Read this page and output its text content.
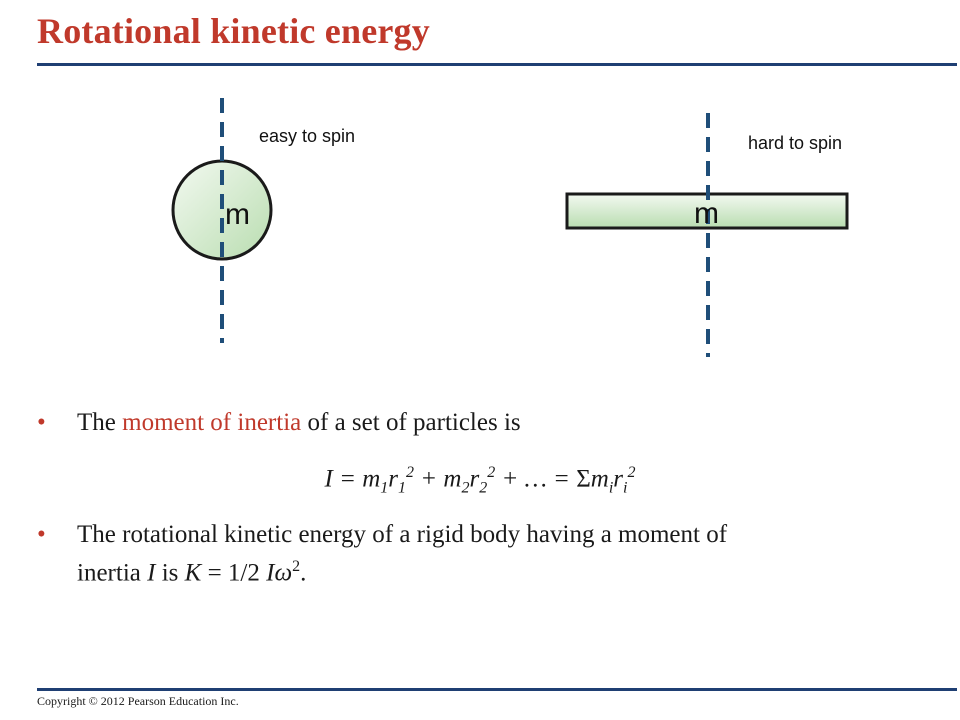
Rotational kinetic energy
m	m
easy to spin	hard to spin
• The moment of inertia of a set of particles is
$I = m_1r_1^2 + m_2r_2^2$ + … = $\Sigma m_ir_i^2$
• The rotational kinetic energy of a rigid body having a moment of
inertia I is K = 1/2 $I\omega^2$.
Copyright © 2012 Pearson Education Inc.
